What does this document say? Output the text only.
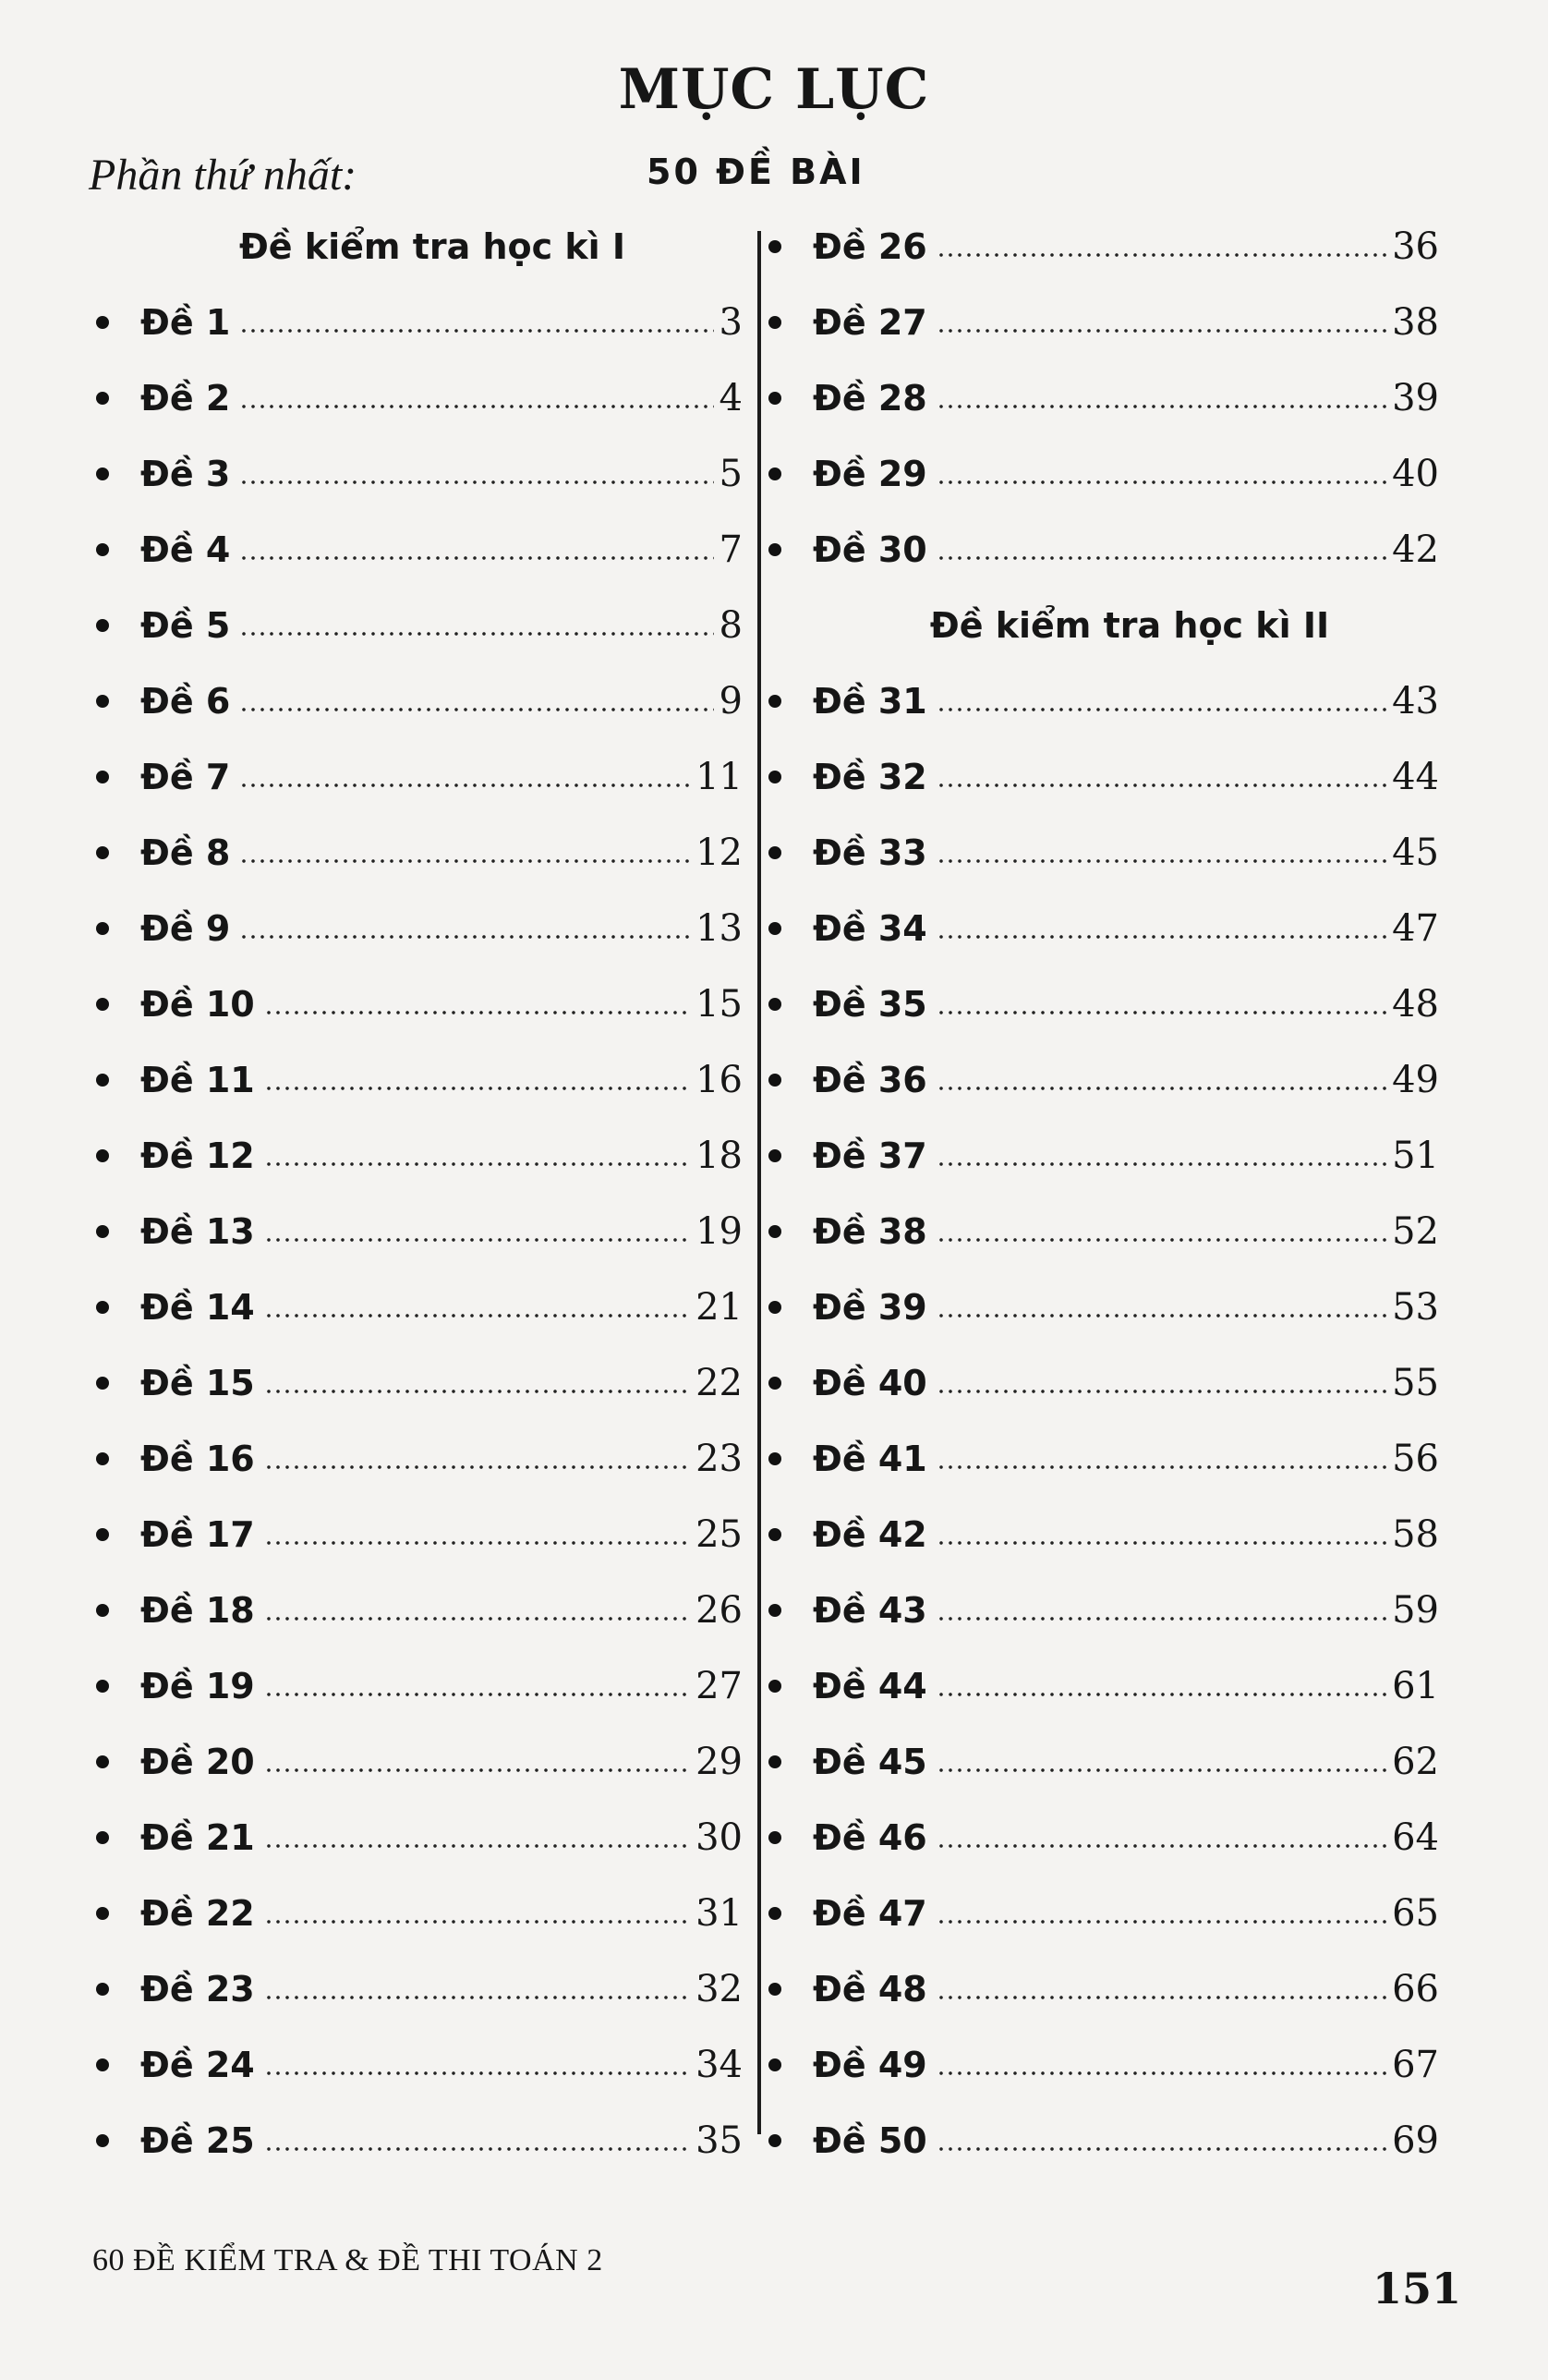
MỤC LỤC
Phần thứ nhất:	50 ĐỀ BÀI
Đề kiểm tra học kì I
Đề 1	3
Đề 2	4
Đề 3	5
Đề 4	7
Đề 5	8
Đề 6	9
Đề 7	11
Đề 8	12
Đề 9	13
Đề 10	15
Đề 11	16
Đề 12	18
Đề 13	19
Đề 14	21
Đề 15	22
Đề 16	23
Đề 17	25
Đề 18	26
Đề 19	27
Đề 20	29
Đề 21	30
Đề 22	31
Đề 23	32
Đề 24	34
Đề 25	35
Đề 26	36
Đề 27	38
Đề 28	39
Đề 29	40
Đề 30	42
Đề kiểm tra học kì II
Đề 31	43
Đề 32	44
Đề 33	45
Đề 34	47
Đề 35	48
Đề 36	49
Đề 37	51
Đề 38	52
Đề 39	53
Đề 40	55
Đề 41	56
Đề 42	58
Đề 43	59
Đề 44	61
Đề 45	62
Đề 46	64
Đề 47	65
Đề 48	66
Đề 49	67
Đề 50	69
60 ĐỀ KIỂM TRA & ĐỀ THI TOÁN 2
151
